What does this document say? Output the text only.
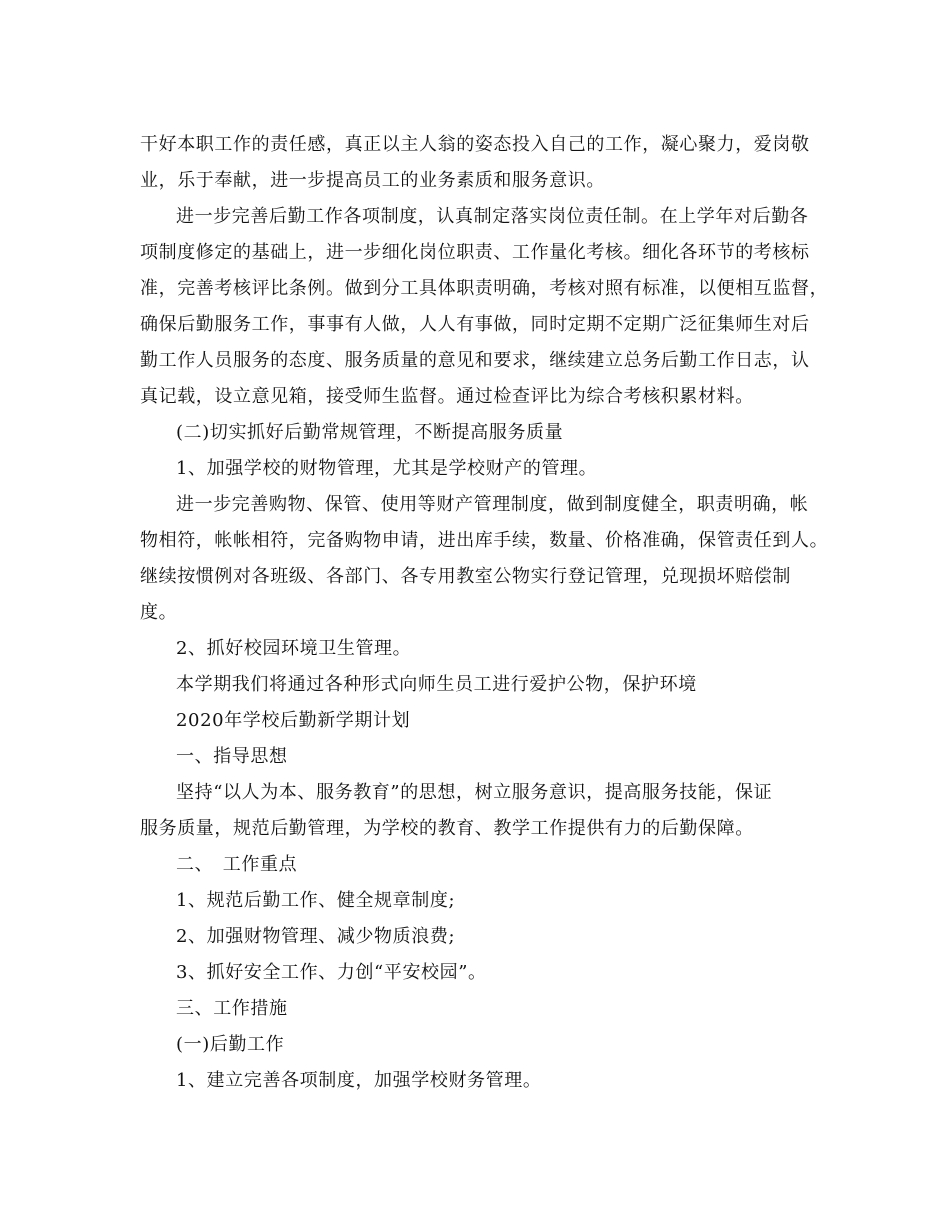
干好本职工作的责任感，真正以主人翁的姿态投入自己的工作，凝心聚力，爱岗敬
业，乐于奉献，进一步提高员工的业务素质和服务意识。
进一步完善后勤工作各项制度，认真制定落实岗位责任制。在上学年对后勤各
项制度修定的基础上，进一步细化岗位职责、工作量化考核。细化各环节的考核标
准，完善考核评比条例。做到分工具体职责明确，考核对照有标准，以便相互监督，
确保后勤服务工作，事事有人做，人人有事做，同时定期不定期广泛征集师生对后
勤工作人员服务的态度、服务质量的意见和要求，继续建立总务后勤工作日志，认
真记载，设立意见箱，接受师生监督。通过检查评比为综合考核积累材料。
(二)切实抓好后勤常规管理，不断提高服务质量
1、加强学校的财物管理，尤其是学校财产的管理。
进一步完善购物、保管、使用等财产管理制度，做到制度健全，职责明确，帐
物相符，帐帐相符，完备购物申请，进出库手续，数量、价格准确，保管责任到人。
继续按惯例对各班级、各部门、各专用教室公物实行登记管理，兑现损坏赔偿制
度。
2、抓好校园环境卫生管理。
本学期我们将通过各种形式向师生员工进行爱护公物，保护环境
2020年学校后勤新学期计划
一、指导思想
坚持“以人为本、服务教育”的思想，树立服务意识，提高服务技能，保证
服务质量，规范后勤管理，为学校的教育、教学工作提供有力的后勤保障。
二、　工作重点
1、规范后勤工作、健全规章制度;
2、加强财物管理、减少物质浪费;
3、抓好安全工作、力创“平安校园”。
三、工作措施
(一)后勤工作
1、建立完善各项制度，加强学校财务管理。
